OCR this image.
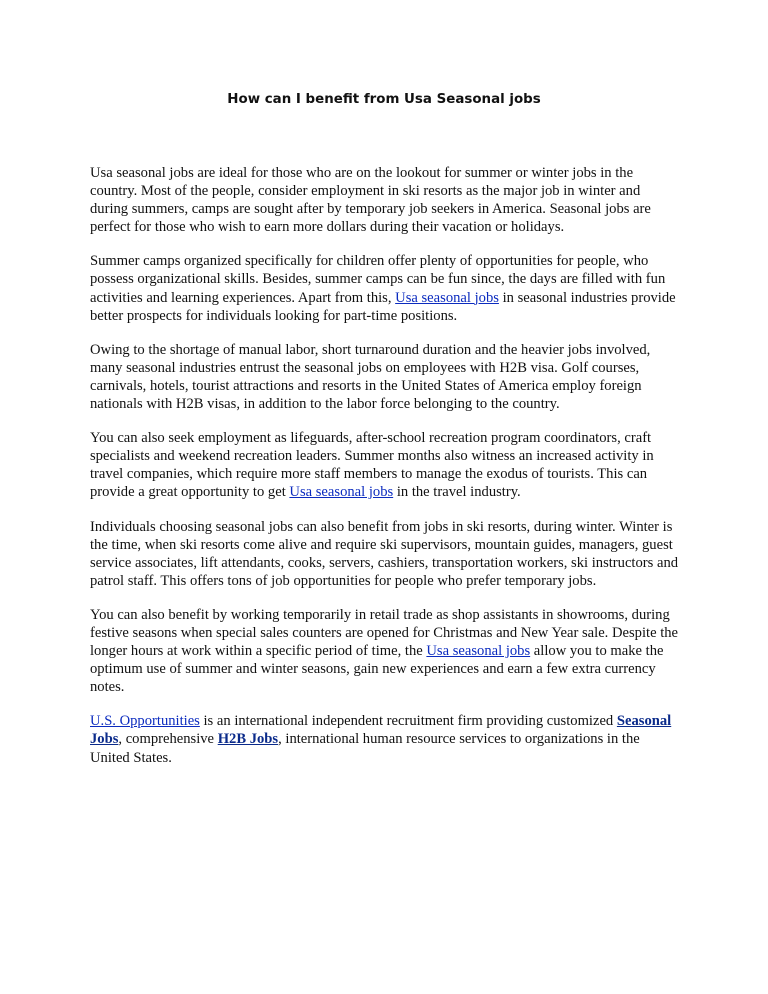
How can I benefit from Usa Seasonal jobs

Usa seasonal jobs are ideal for those who are on the lookout for summer or winter jobs in the country. Most of the people, consider employment in ski resorts as the major job in winter and during summers, camps are sought after by temporary job seekers in America. Seasonal jobs are perfect for those who wish to earn more dollars during their vacation or holidays.

Summer camps organized specifically for children offer plenty of opportunities for people, who possess organizational skills. Besides, summer camps can be fun since, the days are filled with fun activities and learning experiences. Apart from this, Usa seasonal jobs in seasonal industries provide better prospects for individuals looking for part-time positions.

Owing to the shortage of manual labor, short turnaround duration and the heavier jobs involved, many seasonal industries entrust the seasonal jobs on employees with H2B visa. Golf courses, carnivals, hotels, tourist attractions and resorts in the United States of America employ foreign nationals with H2B visas, in addition to the labor force belonging to the country.

You can also seek employment as lifeguards, after-school recreation program coordinators, craft specialists and weekend recreation leaders. Summer months also witness an increased activity in travel companies, which require more staff members to manage the exodus of tourists. This can provide a great opportunity to get Usa seasonal jobs in the travel industry.

Individuals choosing seasonal jobs can also benefit from jobs in ski resorts, during winter. Winter is the time, when ski resorts come alive and require ski supervisors, mountain guides, managers, guest service associates, lift attendants, cooks, servers, cashiers, transportation workers, ski instructors and patrol staff. This offers tons of job opportunities for people who prefer temporary jobs.

You can also benefit by working temporarily in retail trade as shop assistants in showrooms, during festive seasons when special sales counters are opened for Christmas and New Year sale. Despite the longer hours at work within a specific period of time, the Usa seasonal jobs allow you to make the optimum use of summer and winter seasons, gain new experiences and earn a few extra currency notes.

U.S. Opportunities is an international independent recruitment firm providing customized Seasonal Jobs, comprehensive H2B Jobs, international human resource services to organizations in the United States.
